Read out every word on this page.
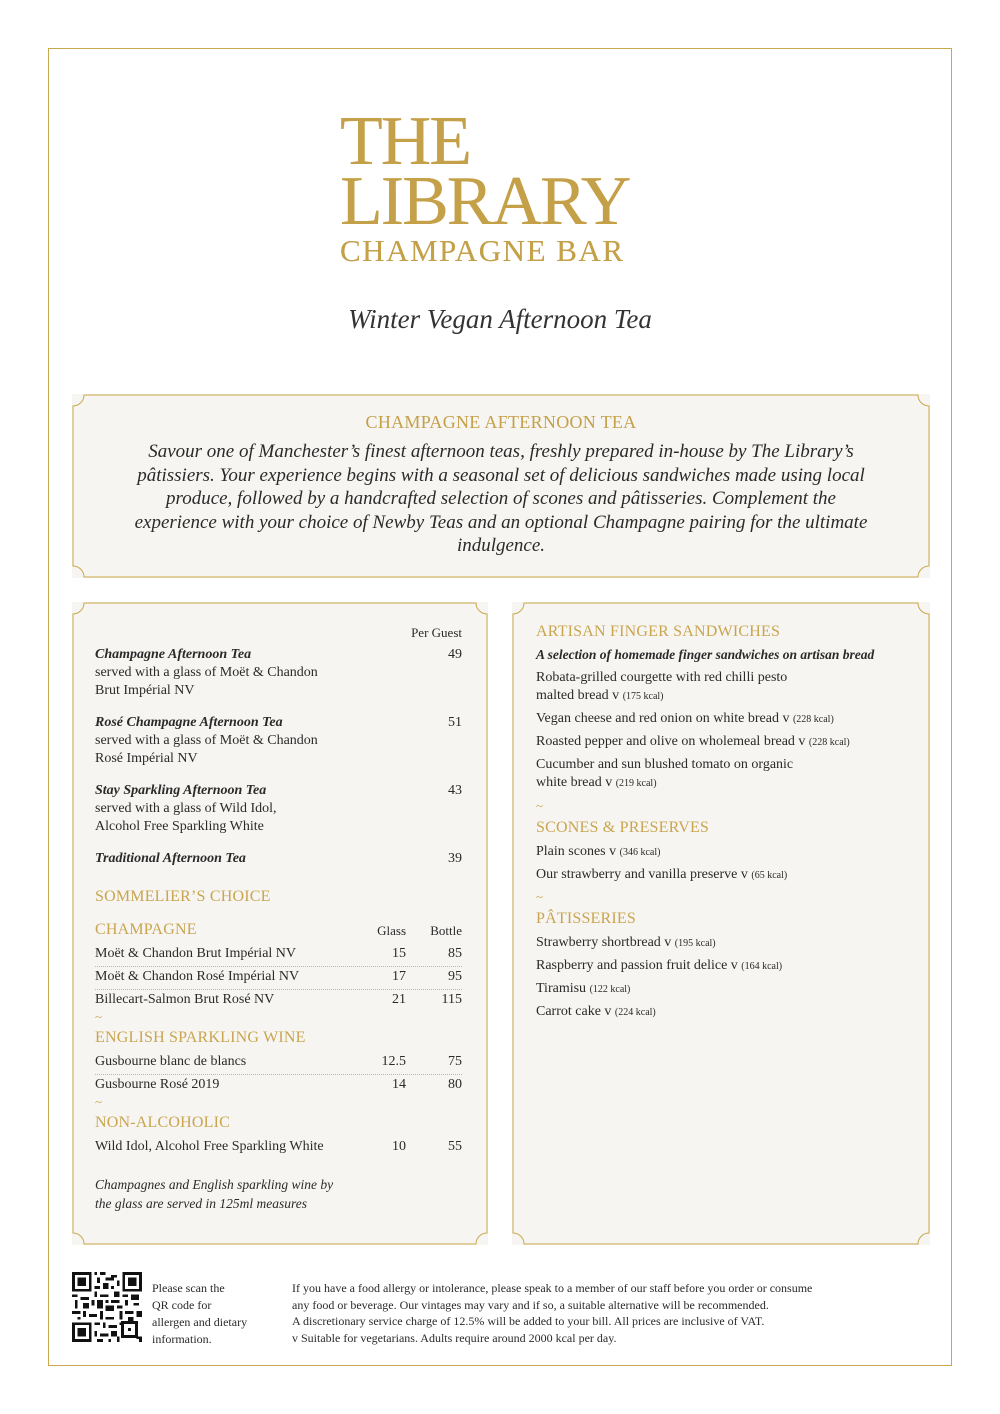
THE
LIBRARY
CHAMPAGNE BAR
Winter Vegan Afternoon Tea
CHAMPAGNE AFTERNOON TEA
Savour one of Manchester’s finest afternoon teas, freshly prepared in-house by The Library’s pâtissiers. Your experience begins with a seasonal set of delicious sandwiches made using local produce, followed by a handcrafted selection of scones and pâtisseries. Complement the experience with your choice of Newby Teas and an optional Champagne pairing for the ultimate indulgence.
Per Guest
Champagne Afternoon Tea	49
served with a glass of Moët & Chandon
Brut Impérial NV
Rosé Champagne Afternoon Tea	51
served with a glass of Moët & Chandon
Rosé Impérial NV
Stay Sparkling Afternoon Tea	43
served with a glass of Wild Idol,
Alcohol Free Sparkling White
Traditional Afternoon Tea	39
SOMMELIER’S CHOICE
CHAMPAGNE	Glass	Bottle
Moët & Chandon Brut Impérial NV	15	85
Moët & Chandon Rosé Impérial NV	17	95
Billecart-Salmon Brut Rosé NV	21	115
~
ENGLISH SPARKLING WINE
Gusbourne blanc de blancs	12.5	75
Gusbourne Rosé 2019	14	80
~
NON-ALCOHOLIC
Wild Idol, Alcohol Free Sparkling White	10	55
Champagnes and English sparkling wine by
the glass are served in 125ml measures
ARTISAN FINGER SANDWICHES
A selection of homemade finger sandwiches on artisan bread
Robata-grilled courgette with red chilli pesto
malted bread v (175 kcal)
Vegan cheese and red onion on white bread v (228 kcal)
Roasted pepper and olive on wholemeal bread v (228 kcal)
Cucumber and sun blushed tomato on organic
white bread v (219 kcal)
~
SCONES & PRESERVES
Plain scones v (346 kcal)
Our strawberry and vanilla preserve v (65 kcal)
~
PÂTISSERIES
Strawberry shortbread v (195 kcal)
Raspberry and passion fruit delice v (164 kcal)
Tiramisu (122 kcal)
Carrot cake v (224 kcal)
Please scan the
QR code for
allergen and dietary
information.
If you have a food allergy or intolerance, please speak to a member of our staff before you order or consume
any food or beverage. Our vintages may vary and if so, a suitable alternative will be recommended.
A discretionary service charge of 12.5% will be added to your bill. All prices are inclusive of VAT.
v Suitable for vegetarians. Adults require around 2000 kcal per day.
